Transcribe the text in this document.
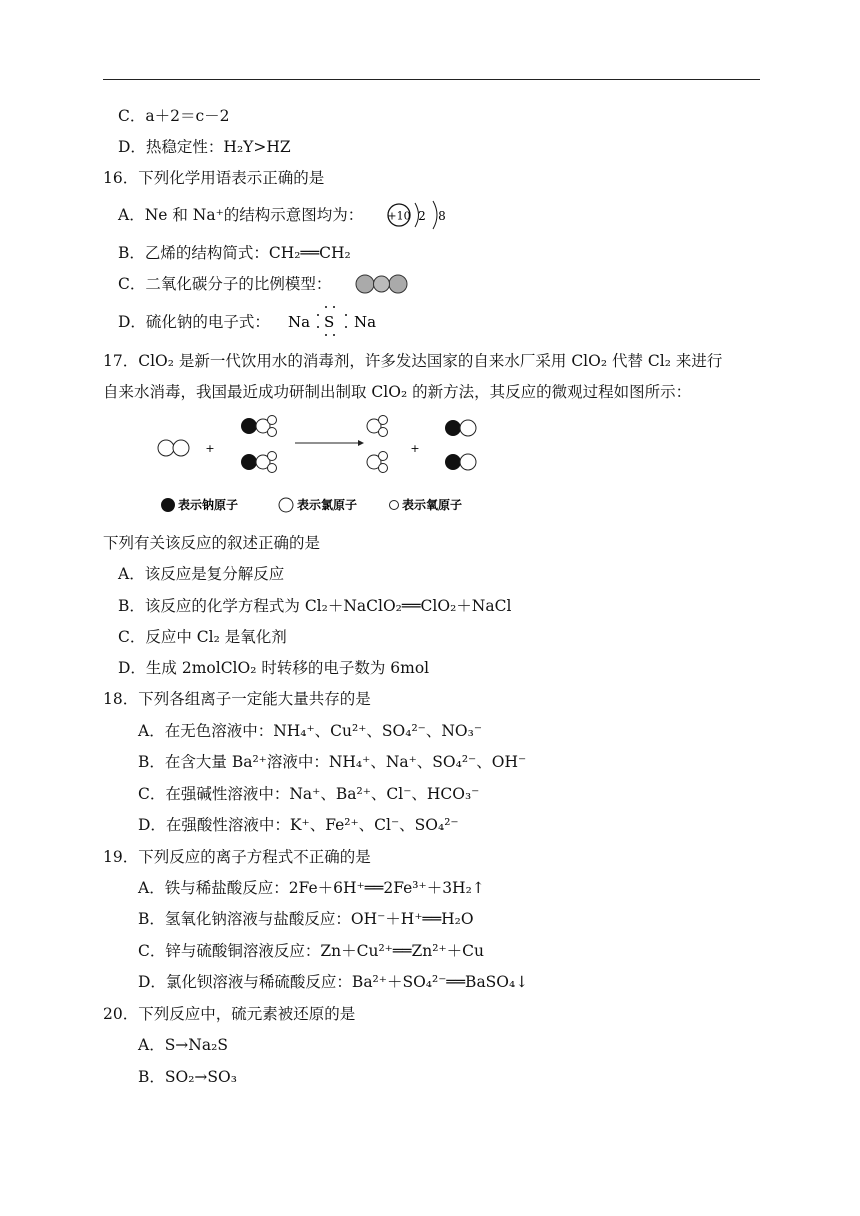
C．a＋2＝c－2
D．热稳定性：H₂Y>HZ
16．下列化学用语表示正确的是
A．Ne 和 Na⁺的结构示意图均为： +10 2 8
B．乙烯的结构简式：CH₂══CH₂
C．二氧化碳分子的比例模型：
D．硫化钠的电子式： Na S Na
17．ClO₂ 是新一代饮用水的消毒剂，许多发达国家的自来水厂采用 ClO₂ 代替 Cl₂ 来进行
自来水消毒，我国最近成功研制出制取 ClO₂ 的新方法，其反应的微观过程如图所示：
+	+
表示钠原子	表示氯原子	表示氧原子
下列有关该反应的叙述正确的是
A．该反应是复分解反应
B．该反应的化学方程式为 Cl₂＋NaClO₂══ClO₂＋NaCl
C．反应中 Cl₂ 是氧化剂
D．生成 2molClO₂ 时转移的电子数为 6mol
18．下列各组离子一定能大量共存的是
A．在无色溶液中：NH₄⁺、Cu²⁺、SO₄²⁻、NO₃⁻
B．在含大量 Ba²⁺溶液中：NH₄⁺、Na⁺、SO₄²⁻、OH⁻
C．在强碱性溶液中：Na⁺、Ba²⁺、Cl⁻、HCO₃⁻
D．在强酸性溶液中：K⁺、Fe²⁺、Cl⁻、SO₄²⁻
19．下列反应的离子方程式不正确的是
A．铁与稀盐酸反应：2Fe＋6H⁺══2Fe³⁺＋3H₂↑
B．氢氧化钠溶液与盐酸反应：OH⁻＋H⁺══H₂O
C．锌与硫酸铜溶液反应：Zn＋Cu²⁺══Zn²⁺＋Cu
D．氯化钡溶液与稀硫酸反应：Ba²⁺＋SO₄²⁻══BaSO₄↓
20．下列反应中，硫元素被还原的是
A．S→Na₂S
B．SO₂→SO₃
